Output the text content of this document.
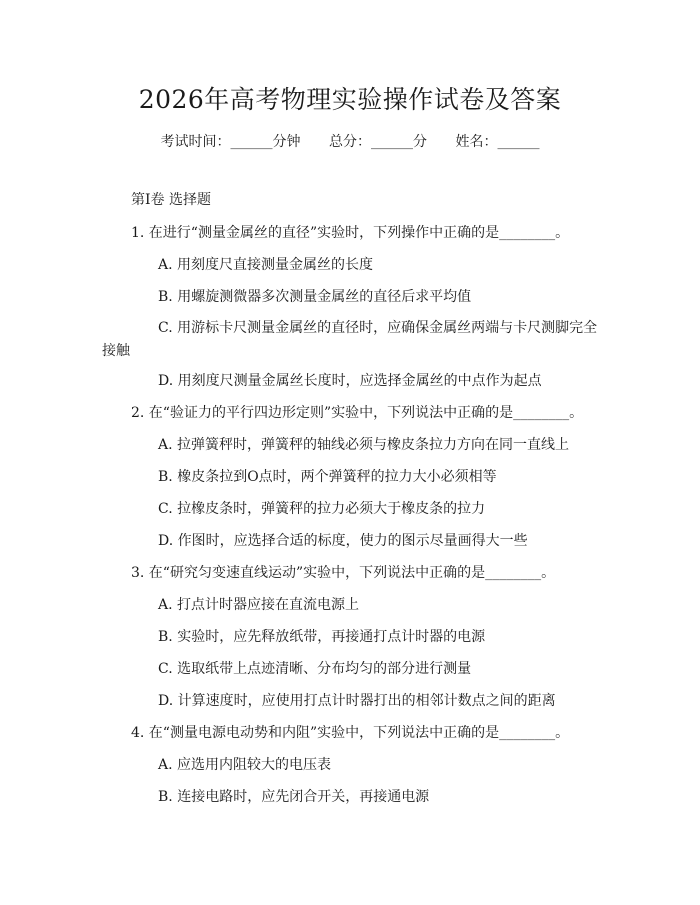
2026年高考物理实验操作试卷及答案
考试时间：______分钟 总分：______分 姓名：______
第Ⅰ卷 选择题
1. 在进行“测量金属丝的直径”实验时，下列操作中正确的是________。
A. 用刻度尺直接测量金属丝的长度
B. 用螺旋测微器多次测量金属丝的直径后求平均值
C. 用游标卡尺测量金属丝的直径时，应确保金属丝两端与卡尺测脚完全
接触
D. 用刻度尺测量金属丝长度时，应选择金属丝的中点作为起点
2. 在“验证力的平行四边形定则”实验中，下列说法中正确的是________。
A. 拉弹簧秤时，弹簧秤的轴线必须与橡皮条拉力方向在同一直线上
B. 橡皮条拉到O点时，两个弹簧秤的拉力大小必须相等
C. 拉橡皮条时，弹簧秤的拉力必须大于橡皮条的拉力
D. 作图时，应选择合适的标度，使力的图示尽量画得大一些
3. 在“研究匀变速直线运动”实验中，下列说法中正确的是________。
A. 打点计时器应接在直流电源上
B. 实验时，应先释放纸带，再接通打点计时器的电源
C. 选取纸带上点迹清晰、分布均匀的部分进行测量
D. 计算速度时，应使用打点计时器打出的相邻计数点之间的距离
4. 在“测量电源电动势和内阻”实验中，下列说法中正确的是________。
A. 应选用内阻较大的电压表
B. 连接电路时，应先闭合开关，再接通电源
